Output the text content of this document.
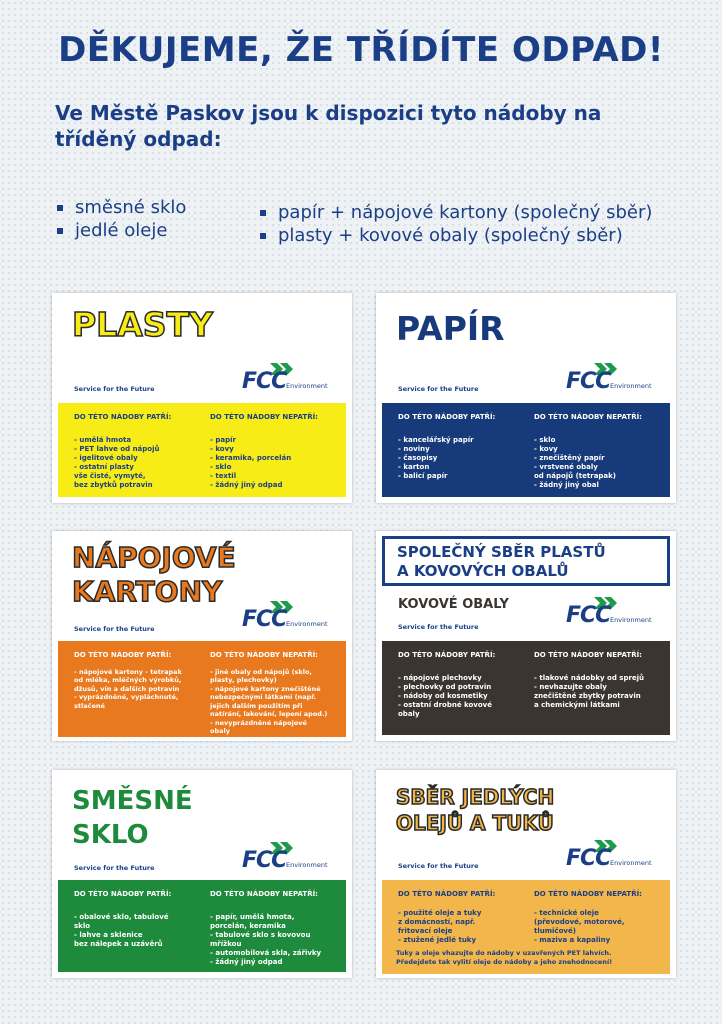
DĚKUJEME, ŽE TŘÍDÍTE ODPAD!
Ve Městě Paskov jsou k dispozici tyto nádoby na tříděný odpad:
směsné sklo
jedlé oleje
papír + nápojové kartony (společný sběr)
plasty + kovové obaly (společný sběr)
PLASTY
Service for the Future	FCC Environment
DO TÉTO NÁDOBY PATŘÍ:
- umělá hmota
- PET lahve od nápojů
- igelitové obaly
- ostatní plasty
vše čisté, vymyté,
bez zbytků potravin
DO TÉTO NÁDOBY NEPATŘÍ:
- papír
- kovy
- keramika, porcelán
- sklo
- textil
- žádný jiný odpad
PAPÍR
Service for the Future	FCC Environment
DO TÉTO NÁDOBY PATŘÍ:
- kancelářský papír
- noviny
- časopisy
- karton
- balicí papír
DO TÉTO NÁDOBY NEPATŘÍ:
- sklo
- kovy
- znečištěný papír
- vrstvené obaly
od nápojů (tetrapak)
- žádný jiný obal
NÁPOJOVÉ
KARTONY
Service for the Future	FCC Environment
DO TÉTO NÁDOBY PATŘÍ:
- nápojové kartony - tetrapak
od mléka, mléčných výrobků,
džusů, vín a dalších potravin
- vyprázdněné, vypláchnuté,
stlačené
DO TÉTO NÁDOBY NEPATŘÍ:
- jiné obaly od nápojů (sklo,
plasty, plechovky)
- nápojové kartony znečištěné
nebezpečnými látkami (např.
jejich dalším použitím při
natírání, lakování, lepení apod.)
- nevyprázdněné nápojové
obaly
SPOLEČNÝ SBĚR PLASTŮ
A KOVOVÝCH OBALŮ
KOVOVÉ OBALY
Service for the Future	FCC Environment
DO TÉTO NÁDOBY PATŘÍ:
- nápojové plechovky
- plechovky od potravin
- nádoby od kosmetiky
- ostatní drobné kovové
obaly
DO TÉTO NÁDOBY NEPATŘÍ:
- tlakové nádobky od sprejů
- nevhazujte obaly
znečištěné zbytky potravin
a chemickými látkami
SMĚSNÉ
SKLO
Service for the Future	FCC Environment
DO TÉTO NÁDOBY PATŘÍ:
- obalové sklo, tabulové
sklo
- lahve a sklenice
bez nálepek a uzávěrů
DO TÉTO NÁDOBY NEPATŘÍ:
- papír, umělá hmota,
porcelán, keramika
- tabulové sklo s kovovou
mřížkou
- automobilová skla, zářivky
- žádný jiný odpad
SBĚR JEDLÝCH
OLEJŮ A TUKŮ
Service for the Future	FCC Environment
DO TÉTO NÁDOBY PATŘÍ:
- použité oleje a tuky
z domácností, např.
fritovací oleje
- ztužené jedlé tuky
DO TÉTO NÁDOBY NEPATŘÍ:
- technické oleje
(převodové, motorové,
tlumičové)
- maziva a kapaliny
Tuky a oleje vhazujte do nádoby v uzavřených PET lahvích.
Předejdete tak vylití oleje do nádoby a jeho znehodnocení!
